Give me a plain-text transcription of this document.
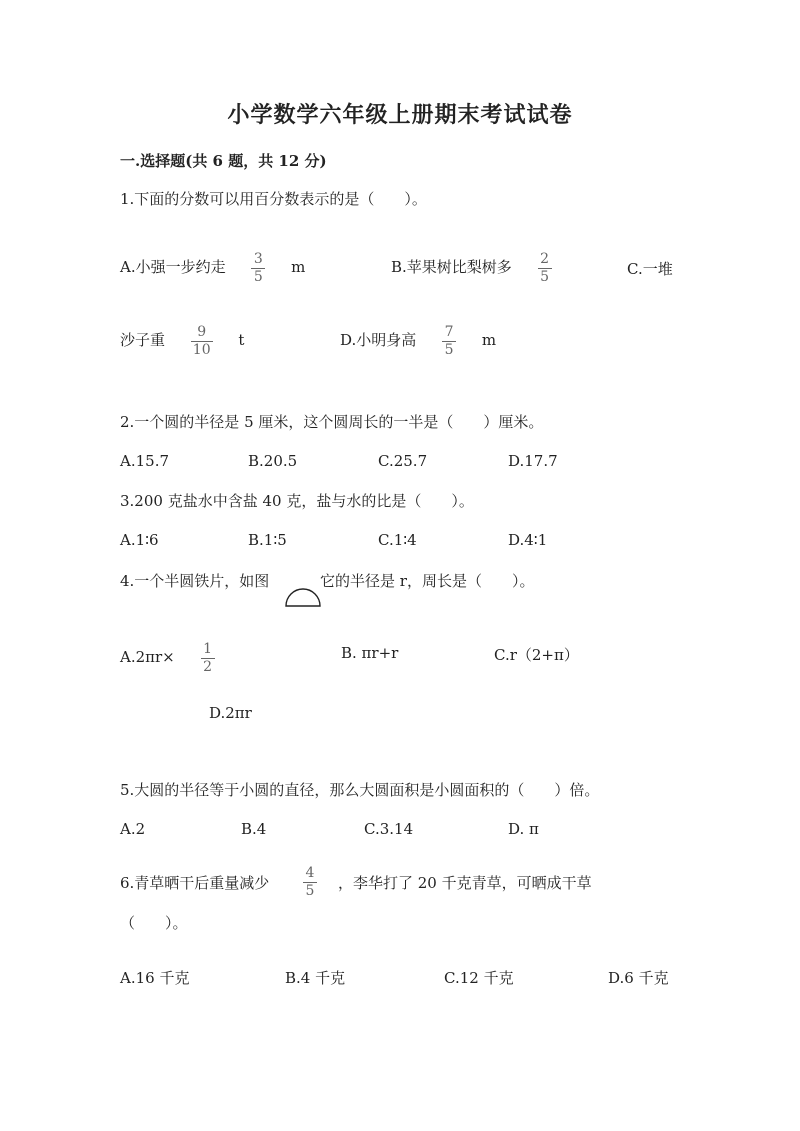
小学数学六年级上册期末考试试卷
一.选择题(共 6 题，共 12 分)
1.下面的分数可以用百分数表示的是（　　）。
A.小强一步约走 $\frac{3}{5}$ m	B.苹果树比梨树多 $\frac{2}{5}$	C.一堆
沙子重 $\frac{9}{10}$ t	D.小明身高 $\frac{7}{5}$ m
2.一个圆的半径是 5 厘米，这个圆周长的一半是（　　）厘米。
A.15.7	B.20.5	C.25.7	D.17.7
3.200 克盐水中含盐 40 克，盐与水的比是（　　）。
A.1∶6	B.1∶5	C.1∶4	D.4∶1
4.一个半圆铁片，如图	它的半径是 r，周长是（　　）。
$A.2\pi r\times \frac{1}{2}$	B. πr+r	C.r（2+π）
D.2πr
5.大圆的半径等于小圆的直径，那么大圆面积是小圆面积的（　　）倍。
A.2	B.4	C.3.14	D. π
6.青草晒干后重量减少 $\frac{4}{5}$ ，李华打了 20 千克青草，可晒成干草
（　　）。
A.16 千克	B.4 千克	C.12 千克	D.6 千克
